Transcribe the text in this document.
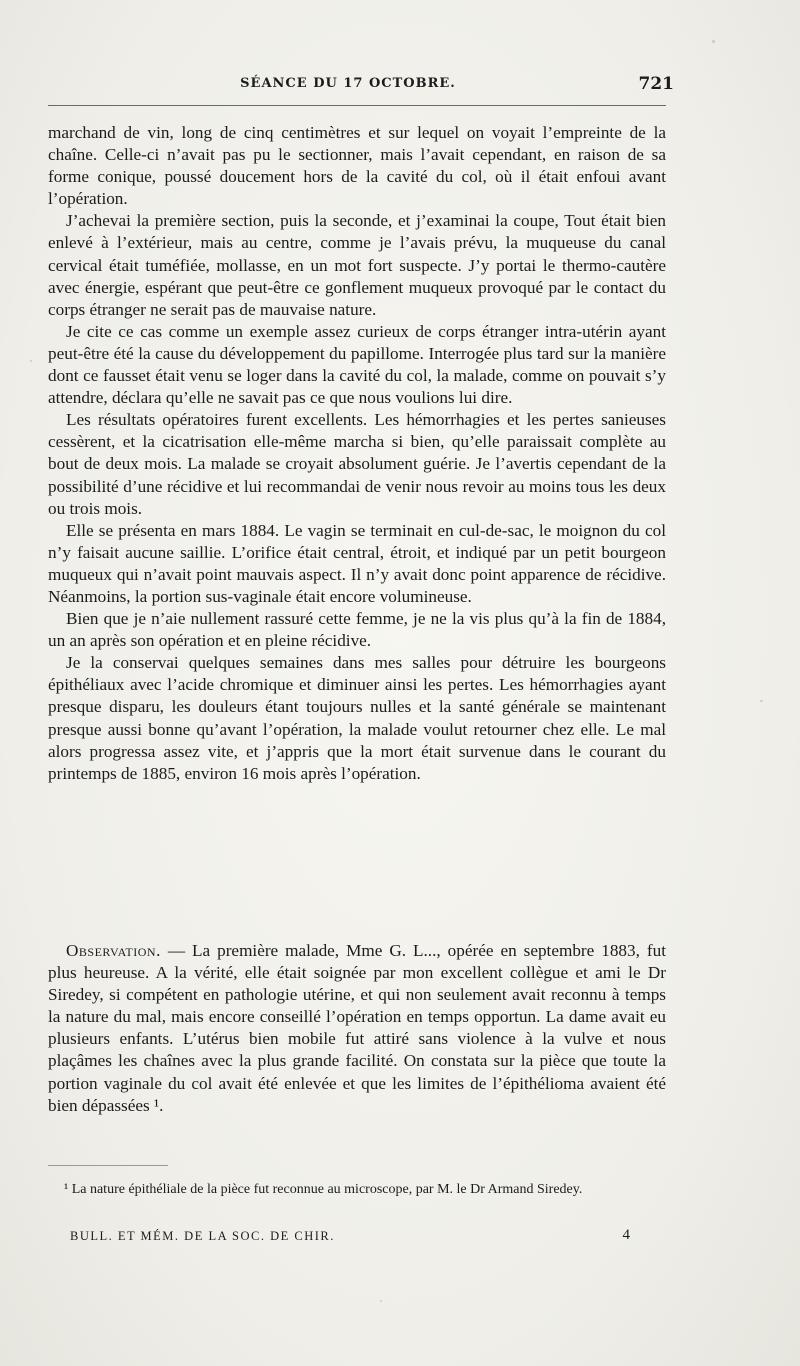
SÉANCE DU 17 OCTOBRE.	721

marchand de vin, long de cinq centimètres et sur lequel on voyait l’empreinte de la chaîne. Celle-ci n’avait pas pu le sectionner, mais l’avait cependant, en raison de sa forme conique, poussé doucement hors de la cavité du col, où il était enfoui avant l’opération.

J’achevai la première section, puis la seconde, et j’examinai la coupe, Tout était bien enlevé à l’extérieur, mais au centre, comme je l’avais prévu, la muqueuse du canal cervical était tuméfiée, mollasse, en un mot fort suspecte. J’y portai le thermo-cautère avec énergie, espérant que peut-être ce gonflement muqueux provoqué par le contact du corps étranger ne serait pas de mauvaise nature.

Je cite ce cas comme un exemple assez curieux de corps étranger intra-utérin ayant peut-être été la cause du développement du papillome. Interrogée plus tard sur la manière dont ce fausset était venu se loger dans la cavité du col, la malade, comme on pouvait s’y attendre, déclara qu’elle ne savait pas ce que nous voulions lui dire.

Les résultats opératoires furent excellents. Les hémorrhagies et les pertes sanieuses cessèrent, et la cicatrisation elle-même marcha si bien, qu’elle paraissait complète au bout de deux mois. La malade se croyait absolument guérie. Je l’avertis cependant de la possibilité d’une récidive et lui recommandai de venir nous revoir au moins tous les deux ou trois mois.

Elle se présenta en mars 1884. Le vagin se terminait en cul-de-sac, le moignon du col n’y faisait aucune saillie. L’orifice était central, étroit, et indiqué par un petit bourgeon muqueux qui n’avait point mauvais aspect. Il n’y avait donc point apparence de récidive. Néanmoins, la portion sus-vaginale était encore volumineuse.

Bien que je n’aie nullement rassuré cette femme, je ne la vis plus qu’à la fin de 1884, un an après son opération et en pleine récidive.

Je la conservai quelques semaines dans mes salles pour détruire les bourgeons épithéliaux avec l’acide chromique et diminuer ainsi les pertes. Les hémorrhagies ayant presque disparu, les douleurs étant toujours nulles et la santé générale se maintenant presque aussi bonne qu’avant l’opération, la malade voulut retourner chez elle. Le mal alors progressa assez vite, et j’appris que la mort était survenue dans le courant du printemps de 1885, environ 16 mois après l’opération.

Observation. — La première malade, Mme G. L..., opérée en septembre 1883, fut plus heureuse. A la vérité, elle était soignée par mon excellent collègue et ami le Dr Siredey, si compétent en pathologie utérine, et qui non seulement avait reconnu à temps la nature du mal, mais encore conseillé l’opération en temps opportun. La dame avait eu plusieurs enfants. L’utérus bien mobile fut attiré sans violence à la vulve et nous plaçâmes les chaînes avec la plus grande facilité. On constata sur la pièce que toute la portion vaginale du col avait été enlevée et que les limites de l’épithélioma avaient été bien dépassées ¹.

¹ La nature épithéliale de la pièce fut reconnue au microscope, par M. le Dr Armand Siredey.

BULL. ET MÉM. DE LA SOC. DE CHIR.	4
